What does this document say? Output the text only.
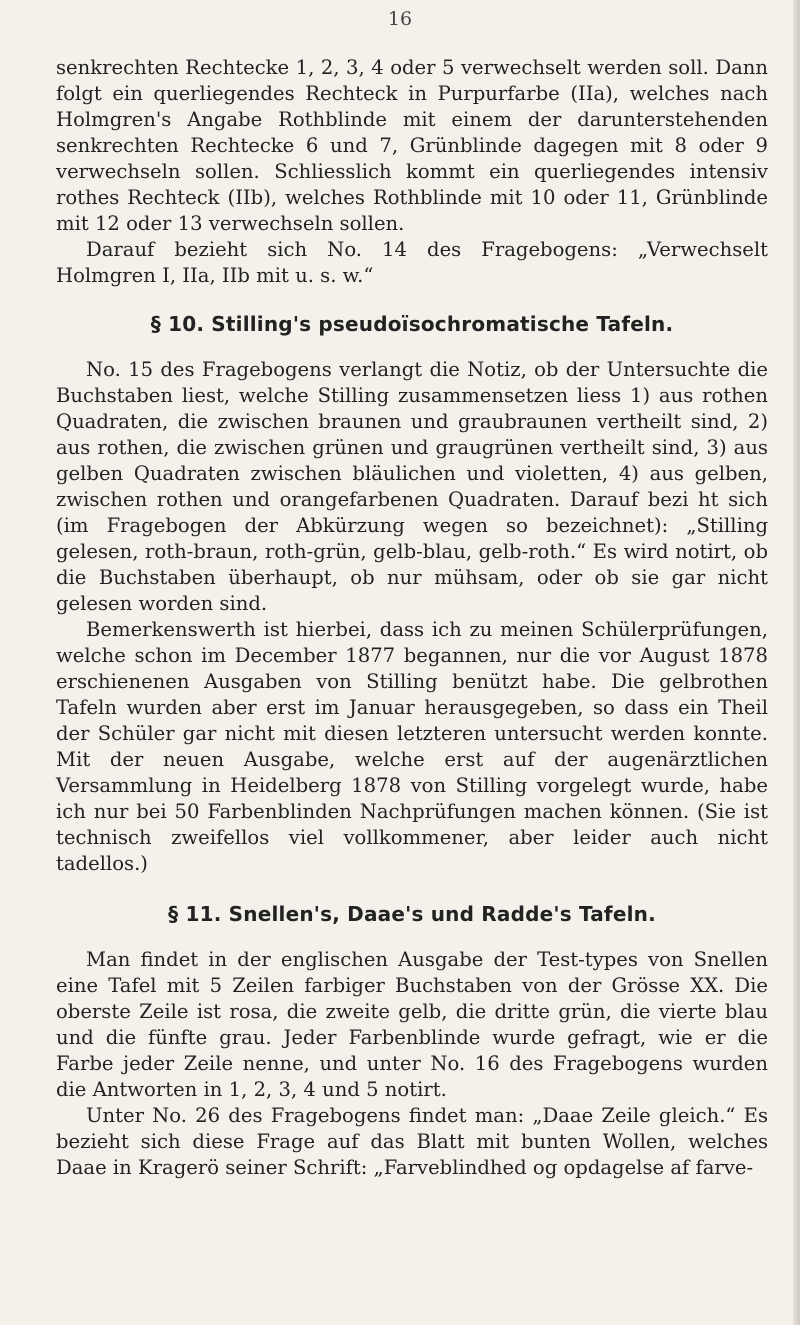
16

senkrechten Rechtecke 1, 2, 3, 4 oder 5 verwechselt werden soll. Dann folgt ein querliegendes Rechteck in Purpurfarbe (IIa), welches nach Holmgren's Angabe Rothblinde mit einem der darunterstehenden senkrechten Rechtecke 6 und 7, Grünblinde dagegen mit 8 oder 9 verwechseln sollen. Schliesslich kommt ein querliegendes intensiv rothes Rechteck (IIb), welches Rothblinde mit 10 oder 11, Grünblinde mit 12 oder 13 verwechseln sollen.

Darauf bezieht sich No. 14 des Fragebogens: „Verwechselt Holmgren I, IIa, IIb mit u. s. w.“

§ 10. Stilling's pseudoïsochromatische Tafeln.

No. 15 des Fragebogens verlangt die Notiz, ob der Untersuchte die Buchstaben liest, welche Stilling zusammensetzen liess 1) aus rothen Quadraten, die zwischen braunen und graubraunen vertheilt sind, 2) aus rothen, die zwischen grünen und graugrünen vertheilt sind, 3) aus gelben Quadraten zwischen bläulichen und violetten, 4) aus gelben, zwischen rothen und orangefarbenen Quadraten. Darauf bezi ht sich (im Fragebogen der Abkürzung wegen so bezeichnet): „Stilling gelesen, roth-braun, roth-grün, gelb-blau, gelb-roth.“ Es wird notirt, ob die Buchstaben überhaupt, ob nur mühsam, oder ob sie gar nicht gelesen worden sind.

Bemerkenswerth ist hierbei, dass ich zu meinen Schülerprüfungen, welche schon im December 1877 begannen, nur die vor August 1878 erschienenen Ausgaben von Stilling benützt habe. Die gelbrothen Tafeln wurden aber erst im Januar herausgegeben, so dass ein Theil der Schüler gar nicht mit diesen letzteren untersucht werden konnte. Mit der neuen Ausgabe, welche erst auf der augenärztlichen Versammlung in Heidelberg 1878 von Stilling vorgelegt wurde, habe ich nur bei 50 Farbenblinden Nachprüfungen machen können. (Sie ist technisch zweifellos viel vollkommener, aber leider auch nicht tadellos.)

§ 11. Snellen's, Daae's und Radde's Tafeln.

Man findet in der englischen Ausgabe der Test-types von Snellen eine Tafel mit 5 Zeilen farbiger Buchstaben von der Grösse XX. Die oberste Zeile ist rosa, die zweite gelb, die dritte grün, die vierte blau und die fünfte grau. Jeder Farbenblinde wurde gefragt, wie er die Farbe jeder Zeile nenne, und unter No. 16 des Fragebogens wurden die Antworten in 1, 2, 3, 4 und 5 notirt.

Unter No. 26 des Fragebogens findet man: „Daae Zeile gleich.“ Es bezieht sich diese Frage auf das Blatt mit bunten Wollen, welches Daae in Kragerö seiner Schrift: „Farveblindhed og opdagelse af farve-
